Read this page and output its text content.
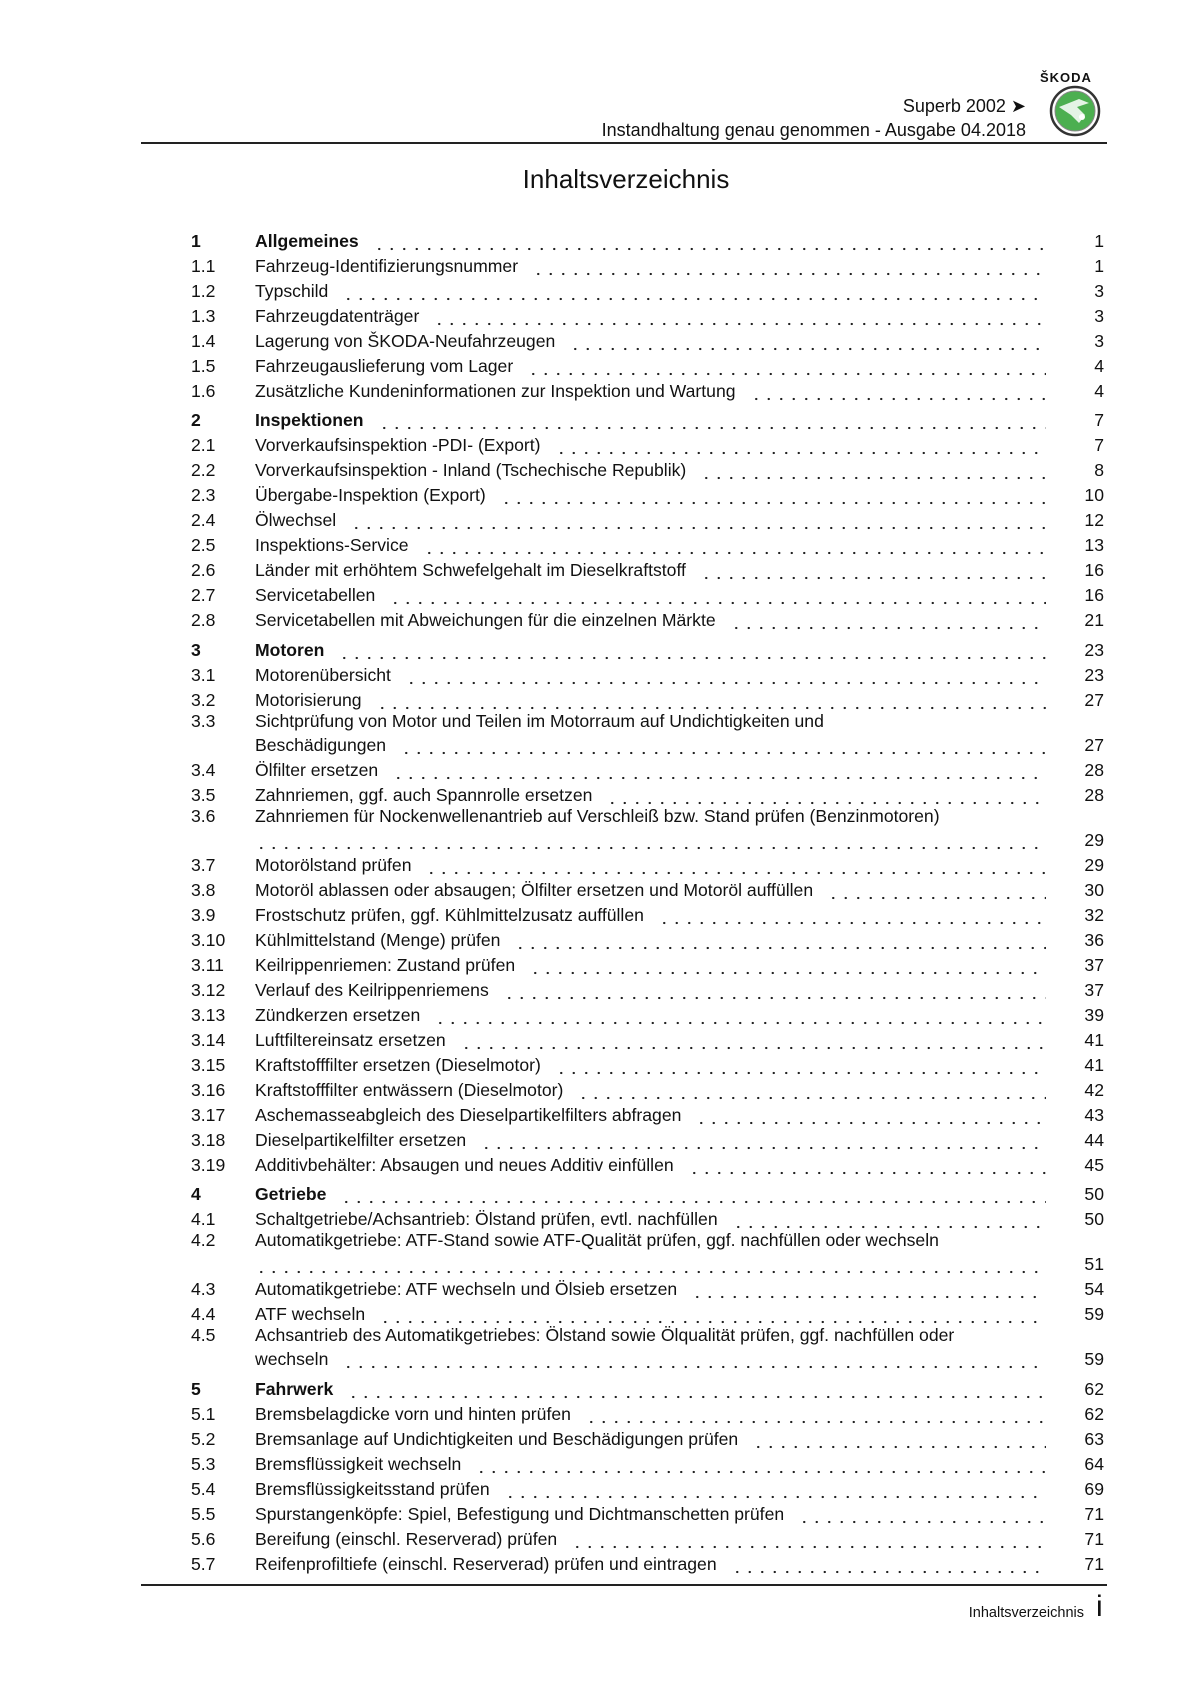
ŠKODA
Superb 2002 ➤
Instandhaltung genau genommen - Ausgabe 04.2018
Inhaltsverzeichnis
1	Allgemeines	1
1.1	Fahrzeug-Identifizierungsnummer	1
1.2	Typschild	3
1.3	Fahrzeugdatenträger	3
1.4	Lagerung von ŠKODA-Neufahrzeugen	3
1.5	Fahrzeugauslieferung vom Lager	4
1.6	Zusätzliche Kundeninformationen zur Inspektion und Wartung	4
2	Inspektionen	7
2.1	Vorverkaufsinspektion -PDI- (Export)	7
2.2	Vorverkaufsinspektion - Inland (Tschechische Republik)	8
2.3	Übergabe-Inspektion (Export)	10
2.4	Ölwechsel	12
2.5	Inspektions-Service	13
2.6	Länder mit erhöhtem Schwefelgehalt im Dieselkraftstoff	16
2.7	Servicetabellen	16
2.8	Servicetabellen mit Abweichungen für die einzelnen Märkte	21
3	Motoren	23
3.1	Motorenübersicht	23
3.2	Motorisierung	27
3.3	Sichtprüfung von Motor und Teilen im Motorraum auf Undichtigkeiten und
Beschädigungen	27
3.4	Ölfilter ersetzen	28
3.5	Zahnriemen, ggf. auch Spannrolle ersetzen	28
3.6	Zahnriemen für Nockenwellenantrieb auf Verschleiß bzw. Stand prüfen (Benzinmotoren)
29
3.7	Motorölstand prüfen	29
3.8	Motoröl ablassen oder absaugen; Ölfilter ersetzen und Motoröl auffüllen	30
3.9	Frostschutz prüfen, ggf. Kühlmittelzusatz auffüllen	32
3.10	Kühlmittelstand (Menge) prüfen	36
3.11	Keilrippenriemen: Zustand prüfen	37
3.12	Verlauf des Keilrippenriemens	37
3.13	Zündkerzen ersetzen	39
3.14	Luftfiltereinsatz ersetzen	41
3.15	Kraftstofffilter ersetzen (Dieselmotor)	41
3.16	Kraftstofffilter entwässern (Dieselmotor)	42
3.17	Aschemasseabgleich des Dieselpartikelfilters abfragen	43
3.18	Dieselpartikelfilter ersetzen	44
3.19	Additivbehälter: Absaugen und neues Additiv einfüllen	45
4	Getriebe	50
4.1	Schaltgetriebe/Achsantrieb: Ölstand prüfen, evtl. nachfüllen	50
4.2	Automatikgetriebe: ATF-Stand sowie ATF-Qualität prüfen, ggf. nachfüllen oder wechseln
51
4.3	Automatikgetriebe: ATF wechseln und Ölsieb ersetzen	54
4.4	ATF wechseln	59
4.5	Achsantrieb des Automatikgetriebes: Ölstand sowie Ölqualität prüfen, ggf. nachfüllen oder
wechseln	59
5	Fahrwerk	62
5.1	Bremsbelagdicke vorn und hinten prüfen	62
5.2	Bremsanlage auf Undichtigkeiten und Beschädigungen prüfen	63
5.3	Bremsflüssigkeit wechseln	64
5.4	Bremsflüssigkeitsstand prüfen	69
5.5	Spurstangenköpfe: Spiel, Befestigung und Dichtmanschetten prüfen	71
5.6	Bereifung (einschl. Reserverad) prüfen	71
5.7	Reifenprofiltiefe (einschl. Reserverad) prüfen und eintragen	71
Inhaltsverzeichnis i
